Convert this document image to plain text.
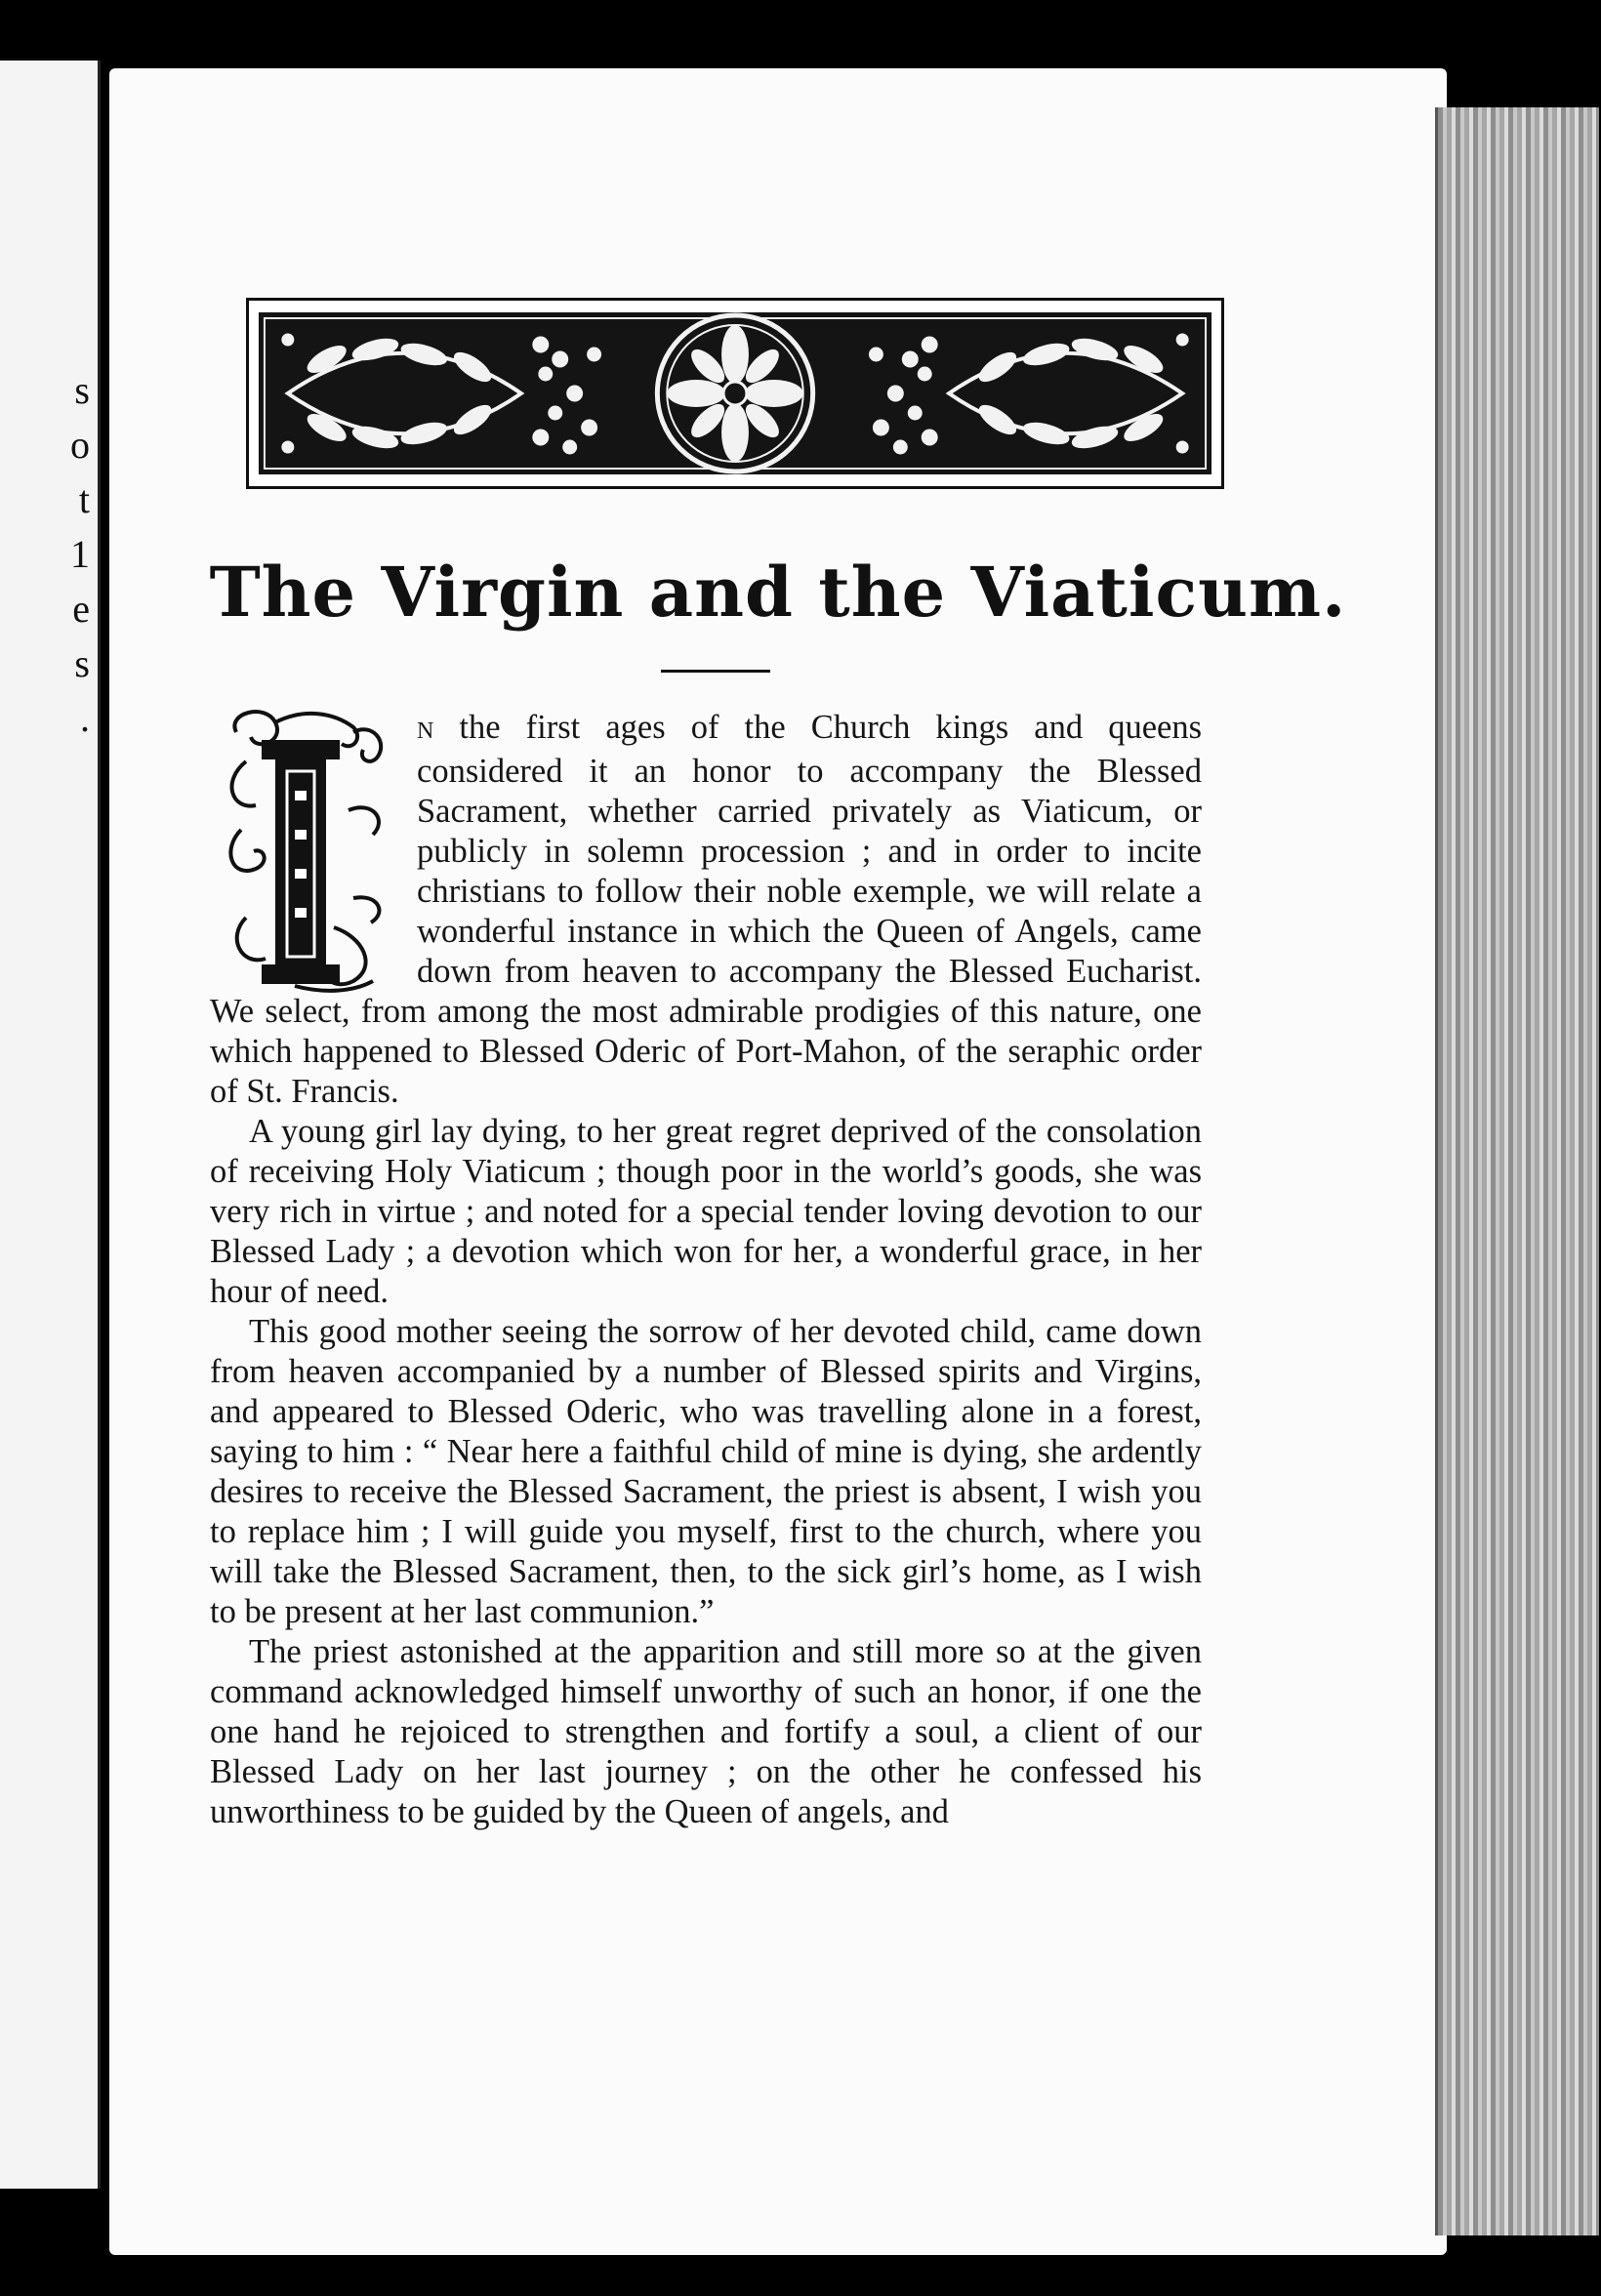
s
o
t
1
e
s
.
The Virgin and the Viaticum.
I

N the first ages of the Church kings and queens considered it an honor to accompany the Blessed Sacrament, whether carried privately as Viaticum, or publicly in solemn procession ; and in order to incite christians to follow their noble exemple, we will relate a wonderful instance in which the Queen of Angels, came down from heaven to accompany the Blessed Eucharist. We select, from among the most admirable prodigies of this nature, one which happened to Blessed Oderic of Port-Mahon, of the seraphic order of St. Francis.

A young girl lay dying, to her great regret deprived of the consolation of receiving Holy Viaticum ; though poor in the world’s goods, she was very rich in virtue ; and noted for a special tender loving devotion to our Blessed Lady ; a devotion which won for her, a wonderful grace, in her hour of need.

This good mother seeing the sorrow of her devoted child, came down from heaven accompanied by a number of Blessed spirits and Virgins, and appeared to Blessed Oderic, who was travelling alone in a forest, saying to him : “ Near here a faithful child of mine is dying, she ardently desires to receive the Blessed Sacrament, the priest is absent, I wish you to replace him ; I will guide you myself, first to the church, where you will take the Blessed Sacrament, then, to the sick girl’s home, as I wish to be present at her last communion.”

The priest astonished at the apparition and still more so at the given command acknowledged himself unworthy of such an honor, if one the one hand he rejoiced to strengthen and fortify a soul, a client of our Blessed Lady on her last journey ; on the other he confessed his unworthiness to be guided by the Queen of angels, and
